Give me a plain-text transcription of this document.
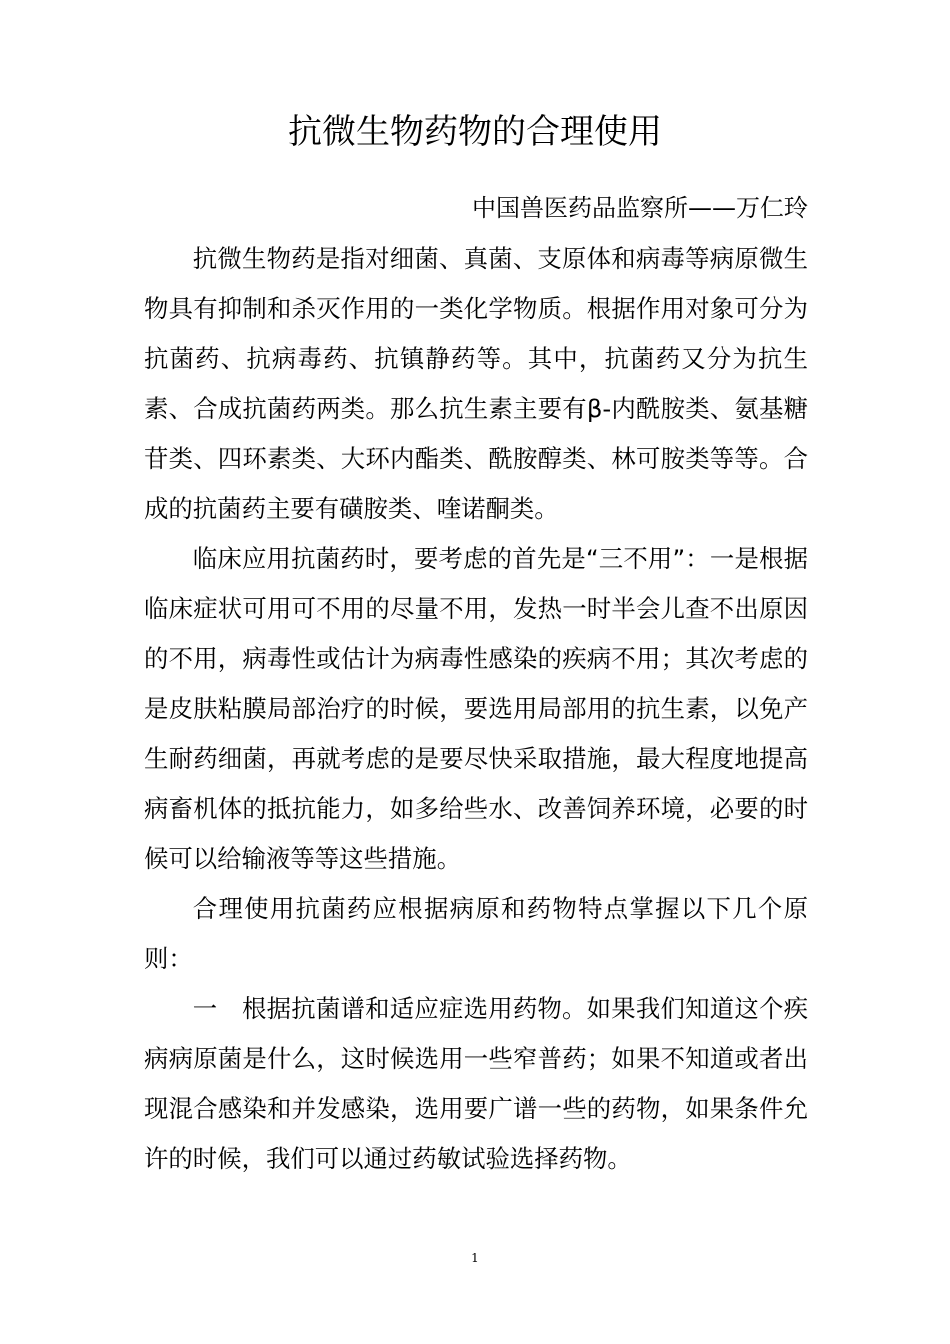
抗微生物药物的合理使用
中国兽医药品监察所——万仁玲

抗微生物药是指对细菌、真菌、支原体和病毒等病原微生物具有抑制和杀灭作用的一类化学物质。根据作用对象可分为抗菌药、抗病毒药、抗镇静药等。其中，抗菌药又分为抗生素、合成抗菌药两类。那么抗生素主要有β-内酰胺类、氨基糖苷类、四环素类、大环内酯类、酰胺醇类、林可胺类等等。合成的抗菌药主要有磺胺类、喹诺酮类。

临床应用抗菌药时，要考虑的首先是“三不用”：一是根据临床症状可用可不用的尽量不用，发热一时半会儿查不出原因的不用，病毒性或估计为病毒性感染的疾病不用；其次考虑的是皮肤粘膜局部治疗的时候，要选用局部用的抗生素，以免产生耐药细菌，再就考虑的是要尽快采取措施，最大程度地提高病畜机体的抵抗能力，如多给些水、改善饲养环境，必要的时候可以给输液等等这些措施。

合理使用抗菌药应根据病原和药物特点掌握以下几个原则：

一　根据抗菌谱和适应症选用药物。如果我们知道这个疾病病原菌是什么，这时候选用一些窄普药；如果不知道或者出现混合感染和并发感染，选用要广谱一些的药物，如果条件允许的时候，我们可以通过药敏试验选择药物。

1
